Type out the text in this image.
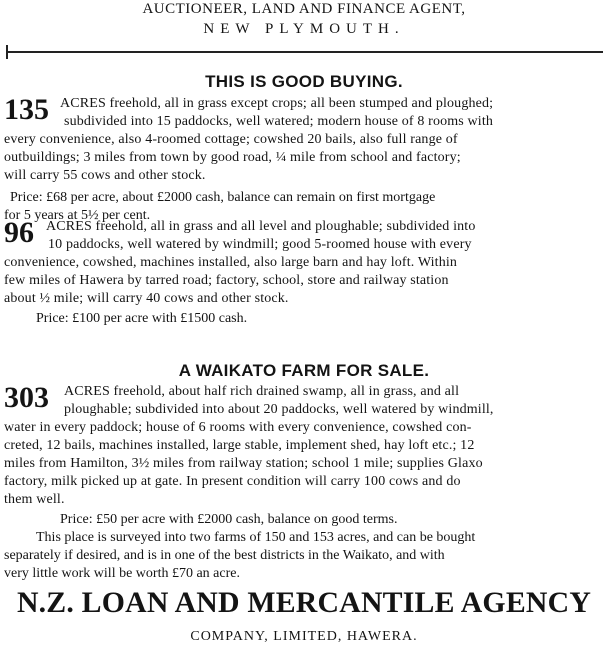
AUCTIONEER, LAND AND FINANCE AGENT,
NEW PLYMOUTH.
THIS IS GOOD BUYING.
135 ACRES freehold, all in grass except crops; all been stumped and ploughed;
subdivided into 15 paddocks, well watered; modern house of 8 rooms with
every convenience, also 4-roomed cottage; cowshed 20 bails, also full range of
outbuildings; 3 miles from town by good road, ¼ mile from school and factory;
will carry 55 cows and other stock.
Price: £68 per acre, about £2000 cash, balance can remain on first mortgage
for 5 years at 5½ per cent.
96 ACRES freehold, all in grass and all level and ploughable; subdivided into
10 paddocks, well watered by windmill; good 5-roomed house with every
convenience, cowshed, machines installed, also large barn and hay loft. Within
few miles of Hawera by tarred road; factory, school, store and railway station
about ½ mile; will carry 40 cows and other stock.
Price: £100 per acre with £1500 cash.
A WAIKATO FARM FOR SALE.
303 ACRES freehold, about half rich drained swamp, all in grass, and all
ploughable; subdivided into about 20 paddocks, well watered by windmill,
water in every paddock; house of 6 rooms with every convenience, cowshed con-
creted, 12 bails, machines installed, large stable, implement shed, hay loft etc.; 12
miles from Hamilton, 3½ miles from railway station; school 1 mile; supplies Glaxo
factory, milk picked up at gate. In present condition will carry 100 cows and do
them well.
Price: £50 per acre with £2000 cash, balance on good terms.
This place is surveyed into two farms of 150 and 153 acres, and can be bought
separately if desired, and is in one of the best districts in the Waikato, and with
very little work will be worth £70 an acre.
N.Z. LOAN AND MERCANTILE AGENCY
COMPANY, LIMITED, HAWERA.
